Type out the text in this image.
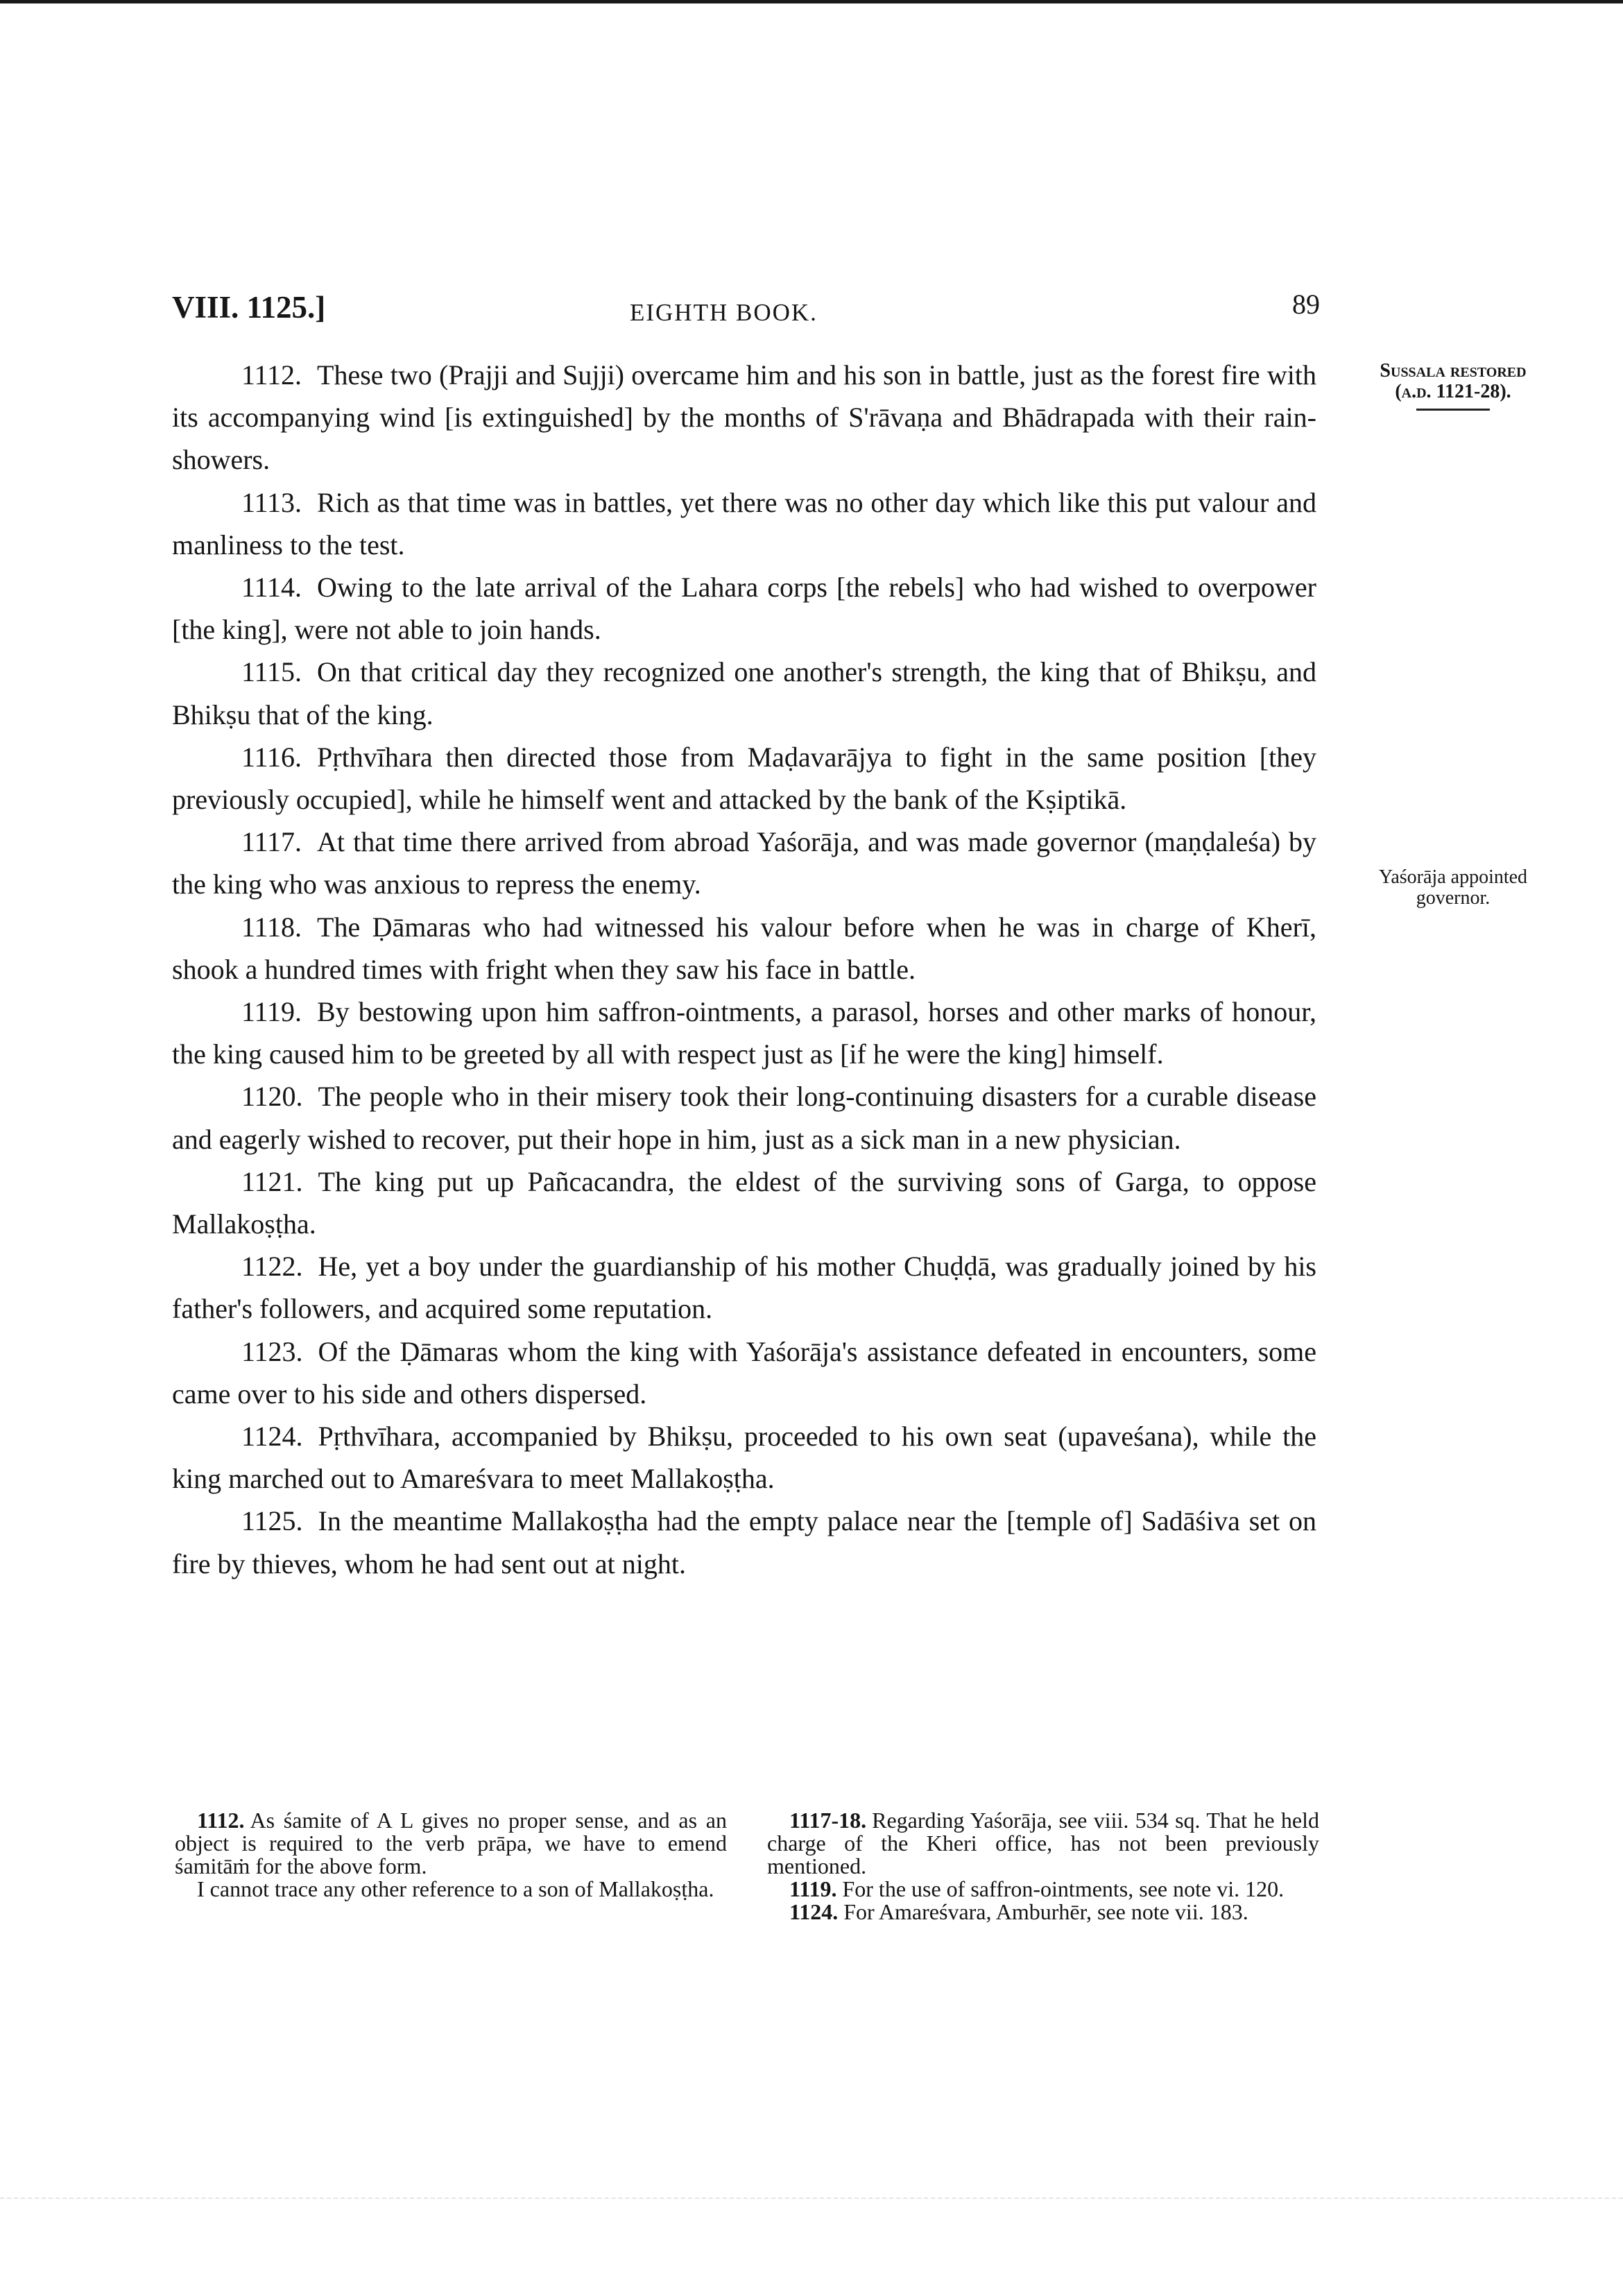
VIII. 1125.]	EIGHTH BOOK.	89

1112. These two (Prajji and Sujji) overcame him and his son in battle, just as the forest fire with its accompanying wind [is extinguished] by the months of S'rāvaṇa and Bhādrapada with their rain-showers.

1113. Rich as that time was in battles, yet there was no other day which like this put valour and manliness to the test.

1114. Owing to the late arrival of the Lahara corps [the rebels] who had wished to overpower [the king], were not able to join hands.

1115. On that critical day they recognized one another's strength, the king that of Bhikṣu, and Bhikṣu that of the king.

1116. Pṛthvīhara then directed those from Maḍavarājya to fight in the same position [they previously occupied], while he himself went and attacked by the bank of the Kṣiptikā.

1117. At that time there arrived from abroad Yaśorāja, and was made governor (maṇḍaleśa) by the king who was anxious to repress the enemy.

1118. The Ḍāmaras who had witnessed his valour before when he was in charge of Kherī, shook a hundred times with fright when they saw his face in battle.

1119. By bestowing upon him saffron-ointments, a parasol, horses and other marks of honour, the king caused him to be greeted by all with respect just as [if he were the king] himself.

1120. The people who in their misery took their long-continuing disasters for a curable disease and eagerly wished to recover, put their hope in him, just as a sick man in a new physician.

1121. The king put up Pañcacandra, the eldest of the surviving sons of Garga, to oppose Mallakoṣṭha.

1122. He, yet a boy under the guardianship of his mother Chuḍḍā, was gradually joined by his father's followers, and acquired some reputation.

1123. Of the Ḍāmaras whom the king with Yaśorāja's assistance defeated in encounters, some came over to his side and others dispersed.

1124. Pṛthvīhara, accompanied by Bhikṣu, proceeded to his own seat (upaveśana), while the king marched out to Amareśvara to meet Mallakoṣṭha.

1125. In the meantime Mallakoṣṭha had the empty palace near the [temple of] Sadāśiva set on fire by thieves, whom he had sent out at night.

Sussala restored
(a.d. 1121-28).
Yaśorāja appointed
governor.

1112. As śamite of A L gives no proper sense, and as an object is required to the verb prāpa, we have to emend śamitāṁ for the above form.

I cannot trace any other reference to a son of Mallakoṣṭha.

1117-18. Regarding Yaśorāja, see viii. 534 sq. That he held charge of the Kheri office, has not been previously mentioned.

1119. For the use of saffron-ointments, see note vi. 120.

1124. For Amareśvara, Amburhēr, see note vii. 183.
